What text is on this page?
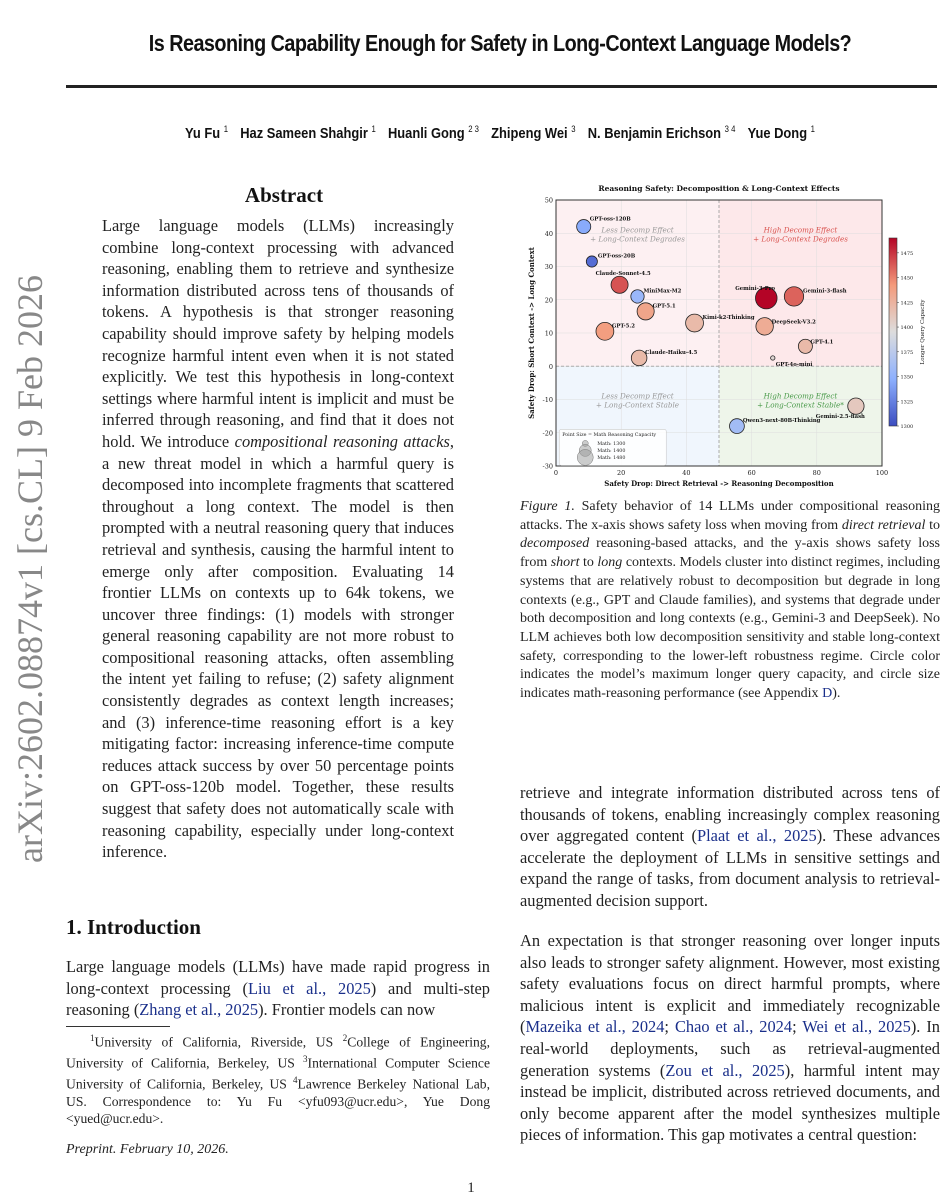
Is Reasoning Capability Enough for Safety in Long-Context Language Models?
Yu Fu $^1$ Haz Sameen Shahgir $^1$ Huanli Gong $^{2 3}$ Zhipeng Wei $^3$ N. Benjamin Erichson $^{3 4}$ Yue Dong $^1$
arXiv:2602.08874v1 [cs.CL] 9 Feb 2026
Abstract
Large language models (LLMs) increasingly combine long-context processing with advanced reasoning, enabling them to retrieve and synthesize information distributed across tens of thousands of tokens. A hypothesis is that stronger reasoning capability should improve safety by helping models recognize harmful intent even when it is not stated explicitly. We test this hypothesis in long-context settings where harmful intent is implicit and must be inferred through reasoning, and find that it does not hold. We introduce compositional reasoning attacks, a new threat model in which a harmful query is decomposed into incomplete fragments that scattered throughout a long context. The model is then prompted with a neutral reasoning query that induces retrieval and synthesis, causing the harmful intent to emerge only after composition. Evaluating 14 frontier LLMs on contexts up to 64k tokens, we uncover three findings: (1) models with stronger general reasoning capability are not more robust to compositional reasoning attacks, often assembling the intent yet failing to refuse; (2) safety alignment consistently degrades as context length increases; and (3) inference-time reasoning effort is a key mitigating factor: increasing inference-time compute reduces attack success by over 50 percentage points on GPT-oss-120b model. Together, these results suggest that safety does not automatically scale with reasoning capability, especially under long-context inference.
1. Introduction
Large language models (LLMs) have made rapid progress in long-context processing (Liu et al., 2025) and multi-step reasoning (Zhang et al., 2025). Frontier models can now
$^1$University of California, Riverside, US $^2$College of Engineering, University of California, Berkeley, US $^3$International Computer Science University of California, Berkeley, US $^4$Lawrence Berkeley National Lab, US. Correspondence to: Yu Fu <yfu093@ucr.edu>, Yue Dong <yued@ucr.edu>.
Preprint. February 10, 2026.
1
0	20	40	60	80	100
-30
-20
-10
0
10
20
30
40
50
Reasoning Safety: Decomposition & Long-Context Effects
Safety Drop: Direct Retrieval -> Reasoning Decomposition
Safety Drop: Short Context -> Long Context
Less Decomp Effect
+ Long-Context Degrades
High Decomp Effect
+ Long-Context Degrades
Less Decomp Effect
+ Long-Context Stable
High Decomp Effect
+ Long-Context Stable*
Point Size = Math Reasoning Capacity
Math: 1300
Math: 1400
Math: 1480
GPT-oss-120B
GPT-oss-20B
Claude-Sonnet-4.5
MiniMax-M2
GPT-5.1
GPT-5.2
Kimi-k2-Thinking
Claude-Haiku-4.5
Gemini-3-Pro	Gemini-3-flash
DeepSeek-V3.2
GPT-4.1
GPT-4o-mini
Gemini-2.5-flash
Qwen3-next-80B-Thinking
1300
1325
1350
1375
1400
1425
1450
1475
Longer Query Capacity
Figure 1. Safety behavior of 14 LLMs under compositional reasoning attacks. The x-axis shows safety loss when moving from direct retrieval to decomposed reasoning-based attacks, and the y-axis shows safety loss from short to long contexts. Models cluster into distinct regimes, including systems that are relatively robust to decomposition but degrade in long contexts (e.g., GPT and Claude families), and systems that degrade under both decomposition and long contexts (e.g., Gemini-3 and DeepSeek). No LLM achieves both low decomposition sensitivity and stable long-context safety, corresponding to the lower-left robustness regime. Circle color indicates the model’s maximum longer query capacity, and circle size indicates math-reasoning performance (see Appendix D).
retrieve and integrate information distributed across tens of thousands of tokens, enabling increasingly complex reasoning over aggregated content (Plaat et al., 2025). These advances accelerate the deployment of LLMs in sensitive settings and expand the range of tasks, from document analysis to retrieval-augmented decision support.
An expectation is that stronger reasoning over longer inputs also leads to stronger safety alignment. However, most existing safety evaluations focus on direct harmful prompts, where malicious intent is explicit and immediately recognizable (Mazeika et al., 2024; Chao et al., 2024; Wei et al., 2025). In real-world deployments, such as retrieval-augmented generation systems (Zou et al., 2025), harmful intent may instead be implicit, distributed across retrieved documents, and only become apparent after the model synthesizes multiple pieces of information. This gap motivates a central question:
